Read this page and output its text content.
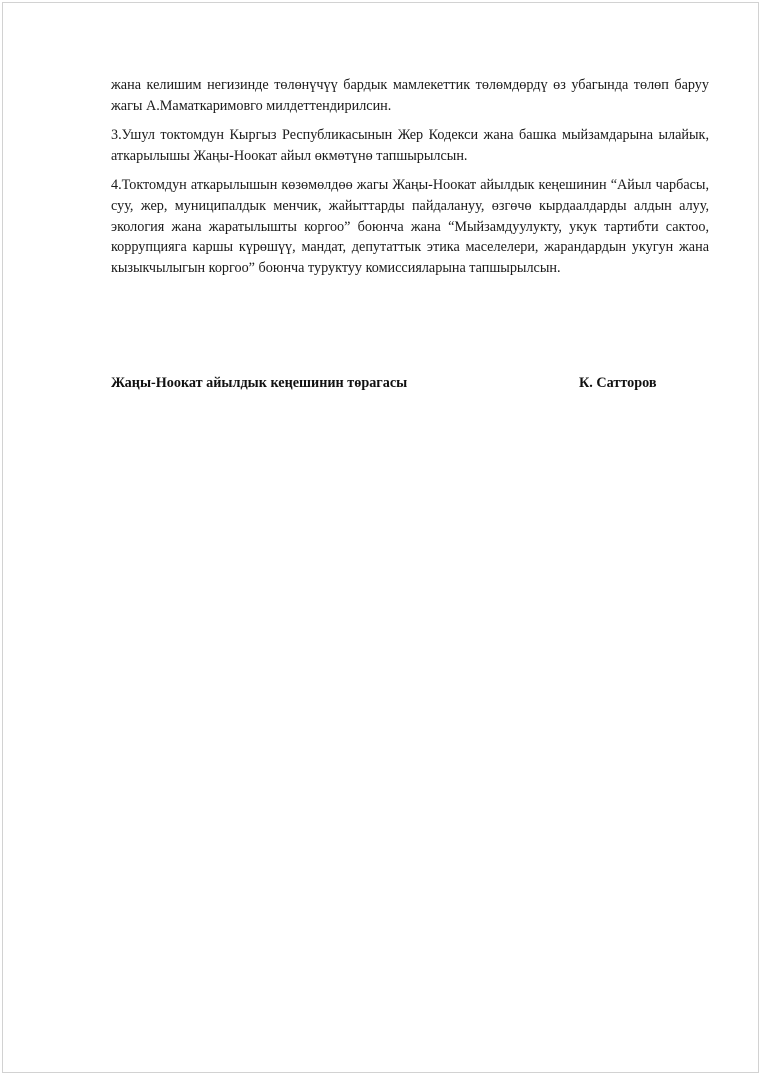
жана келишим негизинде төлөнүчүү бардык мамлекеттик төлөмдөрдү өз убагында төлөп баруу жагы А.Маматкаримовго милдеттендирилсин.

3.Ушул токтомдун Кыргыз Республикасынын Жер Кодекси жана башка мыйзамдарына ылайык, аткарылышы Жаңы-Ноокат айыл өкмөтүнө тапшырылсын.

4.Токтомдун аткарылышын көзөмөлдөө жагы Жаңы-Ноокат айылдык кеңешинин “Айыл чарбасы, суу, жер, муниципалдык менчик, жайыттарды пайдалануу, өзгөчө кырдаалдарды алдын алуу, экология жана жаратылышты коргоо” боюнча жана “Мыйзамдуулукту, укук тартибти сактоо, коррупцияга каршы күрөшүү, мандат, депутаттык этика маселелери, жарандардын укугун жана кызыкчылыгын коргоо” боюнча туруктуу комиссияларына тапшырылсын.

Жаңы-Ноокат айылдык кеңешинин төрагасы	К. Сатторов
